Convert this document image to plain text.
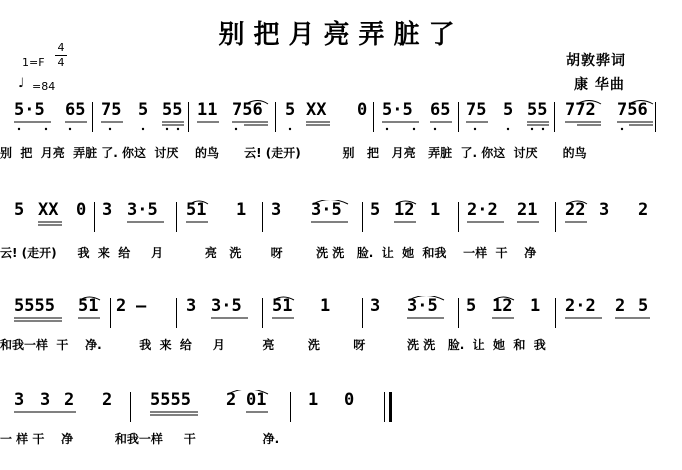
别把月亮弄脏了
胡敦骅词
康 华曲
1=F
4
4
♩ =84
5·5 65 75 5 55 11 756 5 XX 0 5·5 65 75 5 55 772 756
别  把  月亮  弄脏 了. 你这  讨厌    的鸟      云! (走开)          别   把   月亮   弄脏  了. 你这  讨厌      的鸟
5 XX 0 3 3·5 51 1 3 3·5 5 12 1 2·2 21 22 3 2
云! (走开)     我  来  给     月          亮   洗       呀        洗 洗   脸.  让  她  和我    一样  干    净
5555 51 2 – 3 3·5 51 1 3 3·5 5 12 1 2·2 2 5
和我一样  干    净.         我  来  给     月         亮        洗        呀          洗 洗   脸.  让  她  和  我
3 3 2 2 5555 2 01 1 0
一 样 干    净          和我一样     干                净.
